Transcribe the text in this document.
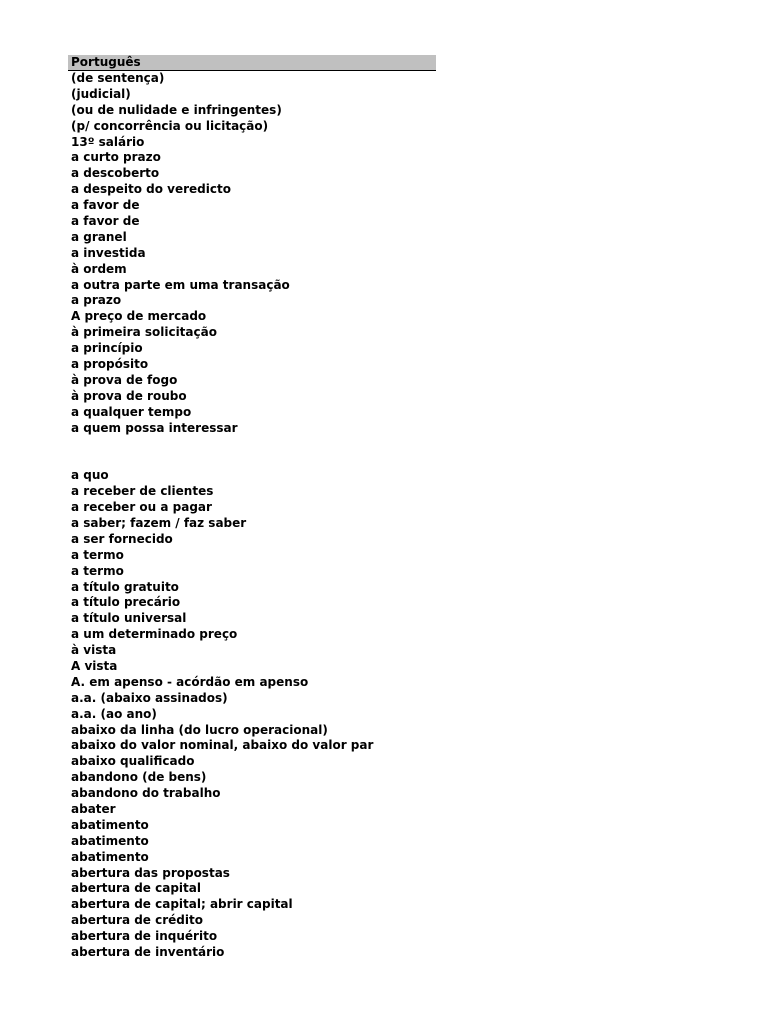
Português
(de sentença)
(judicial)
(ou de nulidade e infringentes)
(p/ concorrência ou licitação)
13º salário
a curto prazo
a descoberto
a despeito do veredicto
a favor de
a favor de
a granel
a investida
à ordem
a outra parte em uma transação
a prazo
A preço de mercado
à primeira solicitação
a princípio
a propósito
à prova de fogo
à prova de roubo
a qualquer tempo
a quem possa interessar
a quo
a receber de clientes
a receber ou a pagar
a saber; fazem / faz saber
a ser fornecido
a termo
a termo
a título gratuito
a título precário
a título universal
a um determinado preço
à vista
A vista
A. em apenso - acórdão em apenso
a.a. (abaixo assinados)
a.a. (ao ano)
abaixo da linha (do lucro operacional)
abaixo do valor nominal, abaixo do valor par
abaixo qualificado
abandono (de bens)
abandono do trabalho
abater
abatimento
abatimento
abatimento
abertura das propostas
abertura de capital
abertura de capital; abrir capital
abertura de crédito
abertura de inquérito
abertura de inventário
